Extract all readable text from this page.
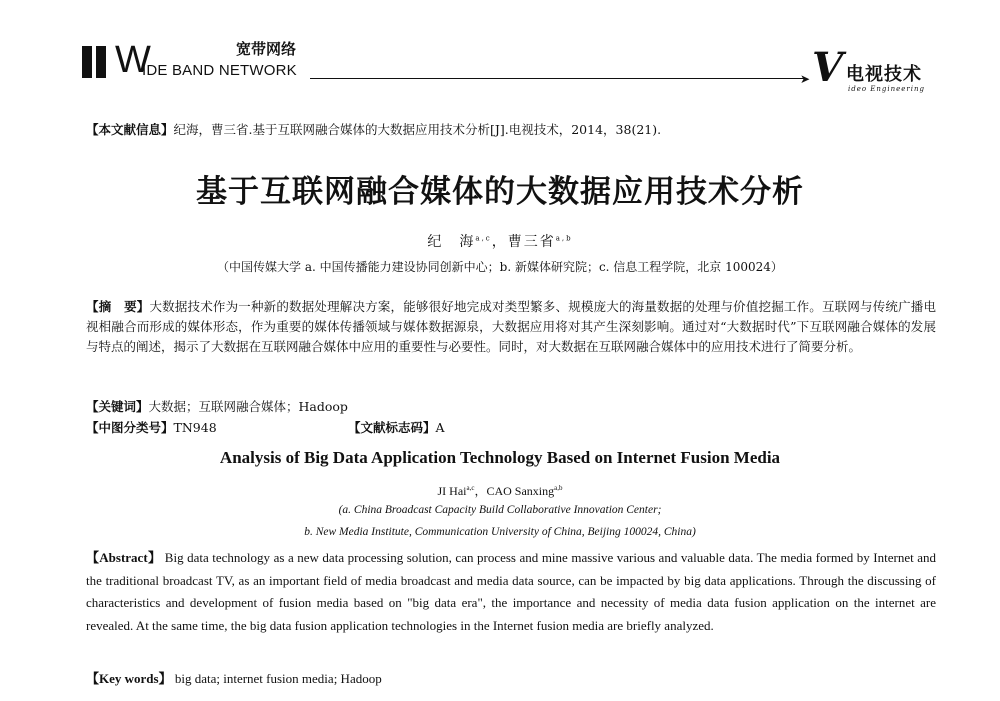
W	宽带网络
IDE BAND NETWORK	➤ V 电视技术
ideo Engineering
【本文献信息】纪海，曹三省.基于互联网融合媒体的大数据应用技术分析[J].电视技术，2014，38(21).
基于互联网融合媒体的大数据应用技术分析
纪　海$^{a,c}$，曹三省$^{a,b}$
（中国传媒大学 a. 中国传播能力建设协同创新中心；b. 新媒体研究院；c. 信息工程学院，北京 100024）
【摘　要】大数据技术作为一种新的数据处理解决方案，能够很好地完成对类型繁多、规模庞大的海量数据的处理与价值挖掘工作。互联网与传统广播电视相融合而形成的媒体形态，作为重要的媒体传播领域与媒体数据源泉，大数据应用将对其产生深刻影响。通过对“大数据时代”下互联网融合媒体的发展与特点的阐述，揭示了大数据在互联网融合媒体中应用的重要性与必要性。同时，对大数据在互联网融合媒体中的应用技术进行了简要分析。
【关键词】大数据；互联网融合媒体；Hadoop
【中图分类号】TN948	【文献标志码】A
Analysis of Big Data Application Technology Based on Internet Fusion Media
JI Hai$^{a,c}$，CAO Sanxing$^{a,b}$
(a. China Broadcast Capacity Build Collaborative Innovation Center;
b. New Media Institute, Communication University of China, Beijing 100024, China)
【Abstract】 Big data technology as a new data processing solution, can process and mine massive various and valuable data. The media formed by Internet and the traditional broadcast TV, as an important field of media broadcast and media data source, can be impacted by big data applications. Through the discussing of characteristics and development of fusion media based on "big data era", the importance and necessity of media data fusion application on the internet are revealed. At the same time, the big data fusion application technologies in the Internet fusion media are briefly analyzed.
【Key words】 big data; internet fusion media; Hadoop
